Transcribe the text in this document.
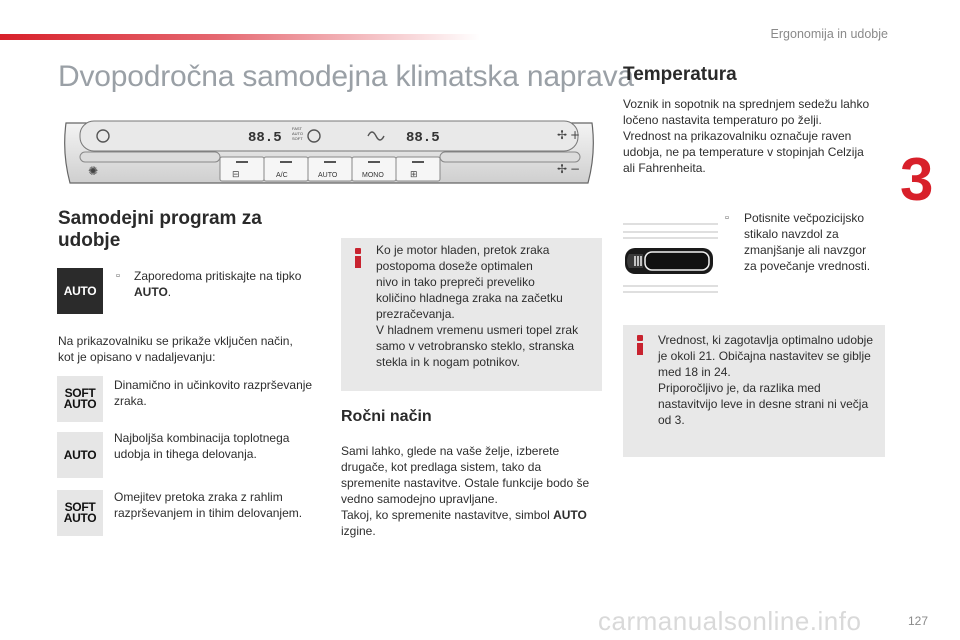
Ergonomija in udobje
3
Dvopodročna samodejna klimatska naprava
88.5	88.5
FAST
AUTO
SOFT	✢ +
✢ −
✺	⊟	A/C	AUTO	MONO	⊞
Samodejni program za udobje
AUTO
▫ Zaporedoma pritiskajte na tipko
AUTO.
Na prikazovalniku se prikaže vključen način, kot je opisano v nadaljevanju:
SOFT
AUTO
Dinamično in učinkovito razprševanje zraka.
AUTO
Najboljša kombinacija toplotnega udobja in tihega delovanja.
SOFT
AUTO
Omejitev pretoka zraka z rahlim razprševanjem in tihim delovanjem.
Ko je motor hladen, pretok zraka
postopoma doseže optimalen
nivo in tako prepreči preveliko
količino hladnega zraka na začetku
prezračevanja.
V hladnem vremenu usmeri topel zrak
samo v vetrobransko steklo, stranska
stekla in k nogam potnikov.
Ročni način
Sami lahko, glede na vaše želje, izberete
drugače, kot predlaga sistem, tako da
spremenite nastavitve. Ostale funkcije bodo še
vedno samodejno upravljane.
Takoj, ko spremenite nastavitve, simbol AUTO
izgine.
Temperatura
Voznik in sopotnik na sprednjem sedežu lahko
ločeno nastavita temperaturo po želji.
Vrednost na prikazovalniku označuje raven
udobja, ne pa temperature v stopinjah Celzija
ali Fahrenheita.
▫ Potisnite večpozicijsko
stikalo navzdol za
zmanjšanje ali navzgor
za povečanje vrednosti.
Vrednost, ki zagotavlja optimalno udobje
je okoli 21. Običajna nastavitev se giblje
med 18 in 24.
Priporočljivo je, da razlika med
nastavitvijo leve in desne strani ni večja
od 3.
carmanualsonline.info	127
